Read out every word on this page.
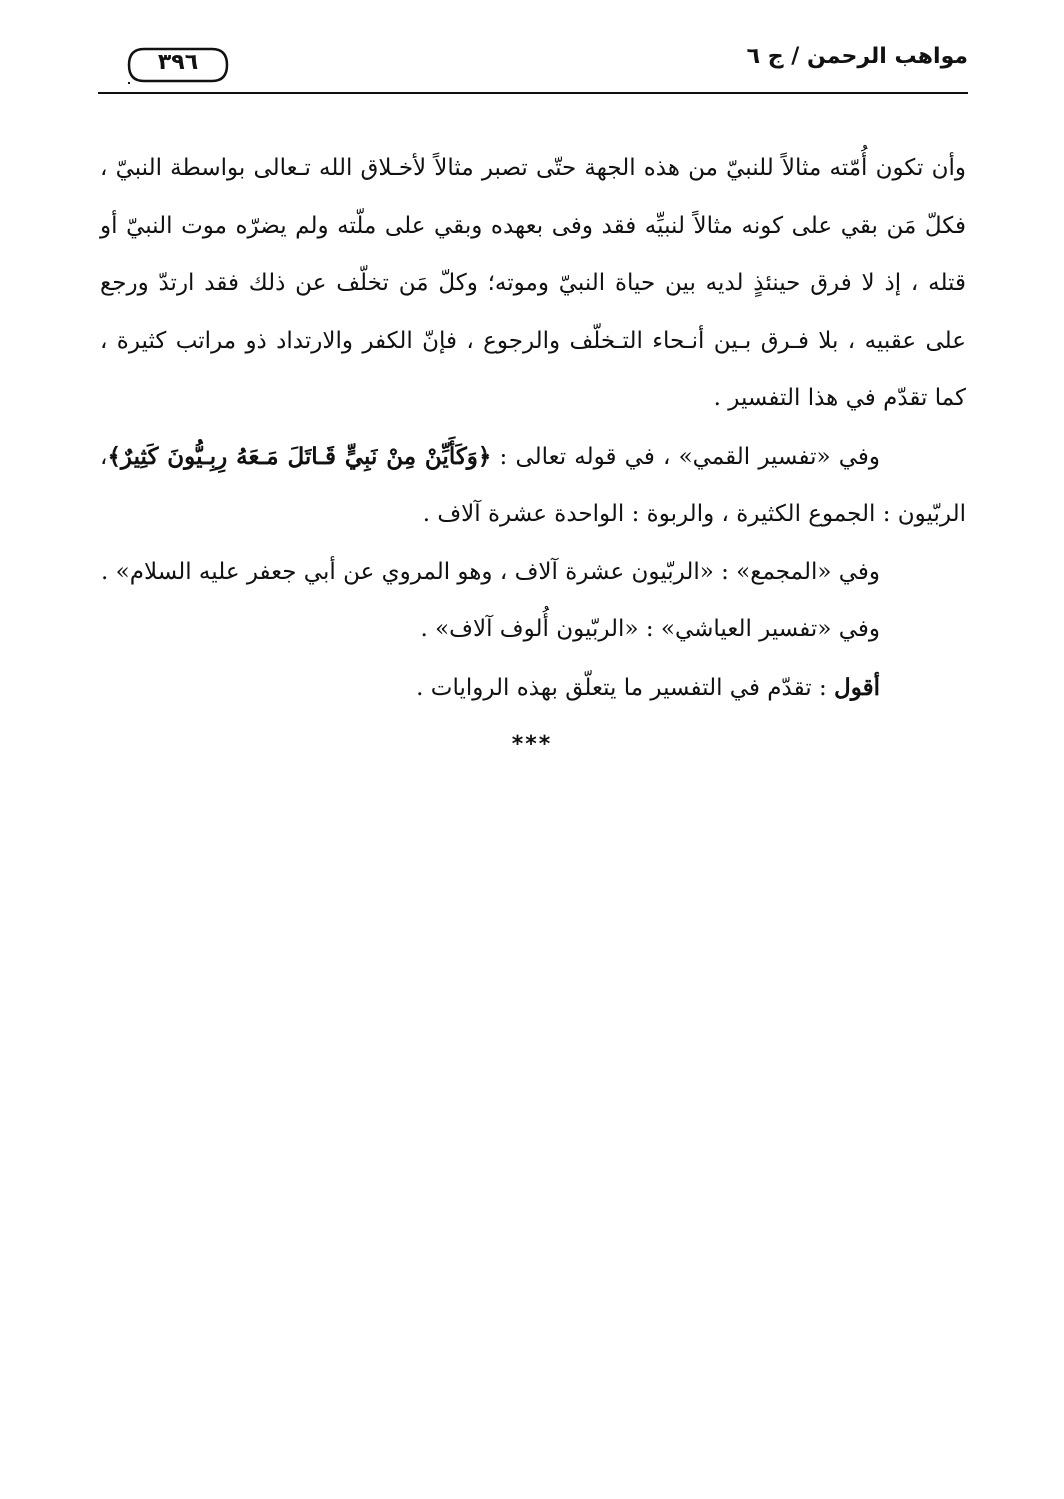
مواهب الرحمن / ج ٦
٣٩٦

وأن تكون أُمّته مثالاً للنبيّ من هذه الجهة حتّى تصبر مثالاً لأخـلاق الله تـعالى بواسطة النبيّ ، فكلّ مَن بقي على كونه مثالاً لنبيِّه فقد وفى بعهده وبقي على ملّته ولم يضرّه موت النبيّ أو قتله ، إذ لا فرق حينئذٍ لديه بين حياة النبيّ وموته؛ وكلّ مَن تخلّف عن ذلك فقد ارتدّ ورجع على عقبيه ، بلا فـرق بـين أنـحاء التـخلّف والرجوع ، فإنّ الكفر والارتداد ذو مراتب كثيرة ، كما تقدّم في هذا التفسير .

وفي «تفسير القمي» ، في قوله تعالى : ﴿وَكَأَيِّنْ مِنْ نَبِيٍّ قَـاتَلَ مَـعَهُ رِبِـيُّونَ كَثِيرٌ﴾، الربّيون : الجموع الكثيرة ، والربوة : الواحدة عشرة آلاف .

وفي «المجمع» : «الربّيون عشرة آلاف ، وهو المروي عن أبي جعفر عليه السلام» .

وفي «تفسير العياشي» : «الربّيون أُلوف آلاف» .

أقول : تقدّم في التفسير ما يتعلّق بهذه الروايات .

***
